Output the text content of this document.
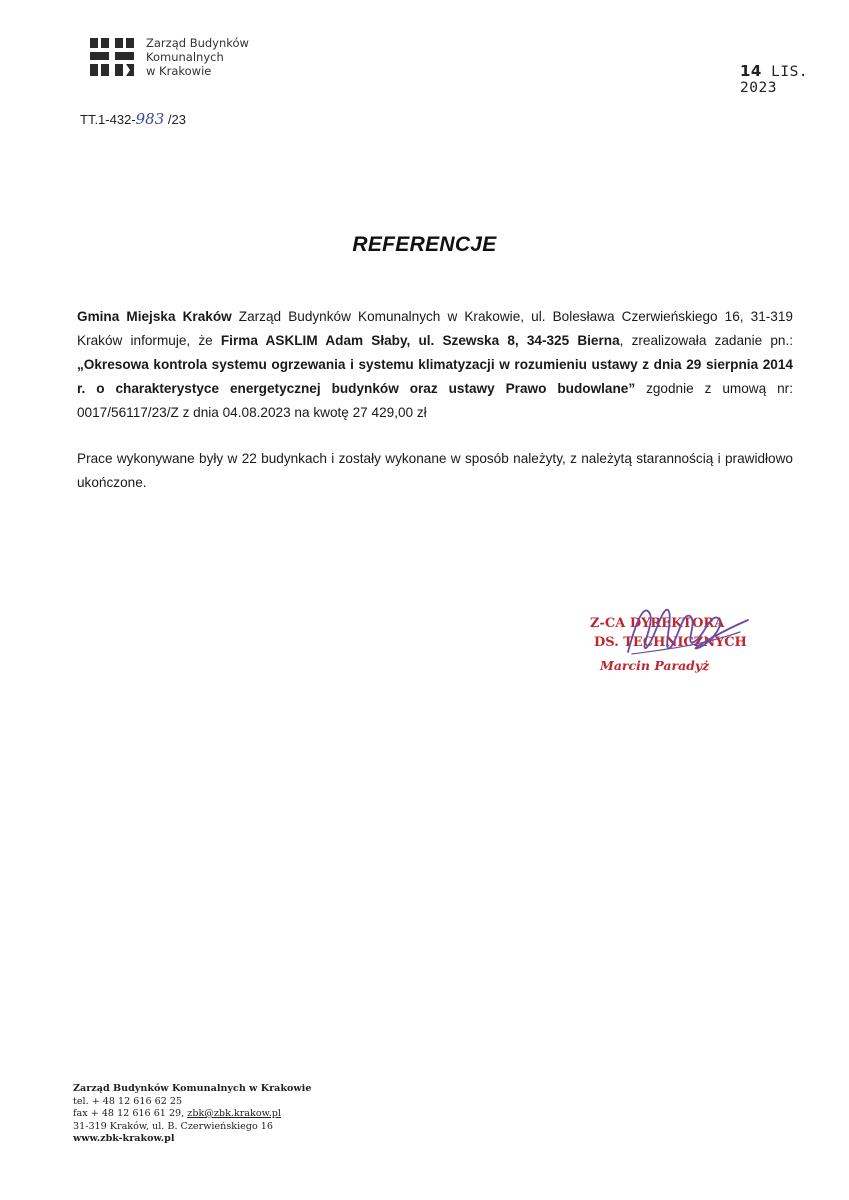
Zarząd Budynków
Komunalnych
w Krakowie	14 LIS. 2023
TT.1-432-983 /23
REFERENCJE
Gmina Miejska Kraków Zarząd Budynków Komunalnych w Krakowie, ul. Bolesława Czerwieńskiego 16, 31-319 Kraków informuje, że Firma ASKLIM Adam Słaby, ul. Szewska 8, 34-325 Bierna, zrealizowała zadanie pn.: „Okresowa kontrola systemu ogrzewania i systemu klimatyzacji w rozumieniu ustawy z dnia 29 sierpnia 2014 r. o charakterystyce energetycznej budynków oraz ustawy Prawo budowlane” zgodnie z umową nr: 0017/56117/23/Z z dnia 04.08.2023 na kwotę 27 429,00 zł
Prace wykonywane były w 22 budynkach i zostały wykonane w sposób należyty, z należytą starannością i prawidłowo ukończone.
Z-CA DYREKTORA
DS. TECHNICZNYCH
Marcin Paradyż
Zarząd Budynków Komunalnych w Krakowie
tel. + 48 12 616 62 25
fax + 48 12 616 61 29, zbk@zbk.krakow.pl
31-319 Kraków, ul. B. Czerwieńskiego 16
www.zbk-krakow.pl
